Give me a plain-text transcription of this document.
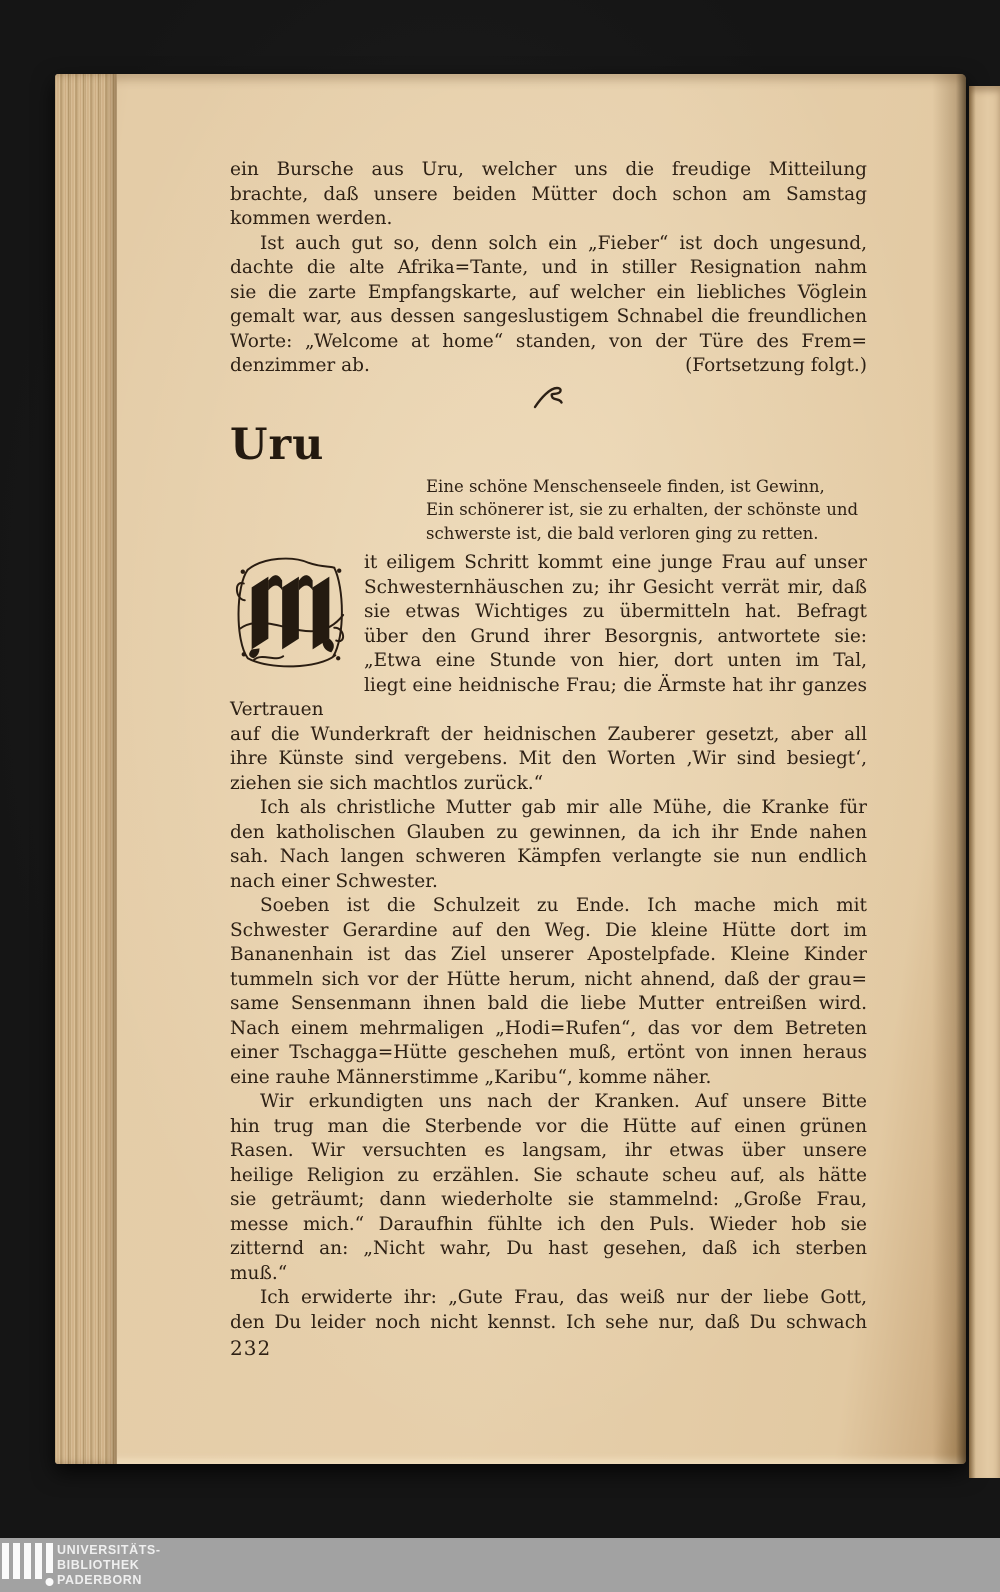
ein Bursche aus Uru, welcher uns die freudige Mitteilung
brachte, daß unsere beiden Mütter doch schon am Samstag
kommen werden.
Ist auch gut so, denn solch ein „Fieber“ ist doch ungesund,
dachte die alte Afrika=Tante, und in stiller Resignation nahm
sie die zarte Empfangskarte, auf welcher ein liebliches Vöglein
gemalt war, aus dessen sangeslustigem Schnabel die freundlichen
Worte: „Welcome at home“ standen, von der Türe des Frem=
denzimmer ab.	(Fortsetzung folgt.)
Uru
Eine schöne Menschenseele finden, ist Gewinn,
Ein schönerer ist, sie zu erhalten, der schönste und
schwerste ist, die bald verloren ging zu retten.
it eiligem Schritt kommt eine junge Frau auf unser
Schwesternhäuschen zu; ihr Gesicht verrät mir, daß
sie etwas Wichtiges zu übermitteln hat. Befragt
über den Grund ihrer Besorgnis, antwortete sie:
„Etwa eine Stunde von hier, dort unten im Tal,
liegt eine heidnische Frau; die Ärmste hat ihr ganzes Vertrauen
auf die Wunderkraft der heidnischen Zauberer gesetzt, aber all
ihre Künste sind vergebens. Mit den Worten ‚Wir sind besiegt‘,
ziehen sie sich machtlos zurück.“
Ich als christliche Mutter gab mir alle Mühe, die Kranke für
den katholischen Glauben zu gewinnen, da ich ihr Ende nahen
sah. Nach langen schweren Kämpfen verlangte sie nun endlich
nach einer Schwester.
Soeben ist die Schulzeit zu Ende. Ich mache mich mit
Schwester Gerardine auf den Weg. Die kleine Hütte dort im
Bananenhain ist das Ziel unserer Apostelpfade. Kleine Kinder
tummeln sich vor der Hütte herum, nicht ahnend, daß der grau=
same Sensenmann ihnen bald die liebe Mutter entreißen wird.
Nach einem mehrmaligen „Hodi=Rufen“, das vor dem Betreten
einer Tschagga=Hütte geschehen muß, ertönt von innen heraus
eine rauhe Männerstimme „Karibu“, komme näher.
Wir erkundigten uns nach der Kranken. Auf unsere Bitte
hin trug man die Sterbende vor die Hütte auf einen grünen
Rasen. Wir versuchten es langsam, ihr etwas über unsere
heilige Religion zu erzählen. Sie schaute scheu auf, als hätte
sie geträumt; dann wiederholte sie stammelnd: „Große Frau,
messe mich.“ Daraufhin fühlte ich den Puls. Wieder hob sie
zitternd an: „Nicht wahr, Du hast gesehen, daß ich sterben
muß.“
Ich erwiderte ihr: „Gute Frau, das weiß nur der liebe Gott,
den Du leider noch nicht kennst. Ich sehe nur, daß Du schwach
232
UNIVERSITÄTS-
BIBLIOTHEK
PADERBORN
